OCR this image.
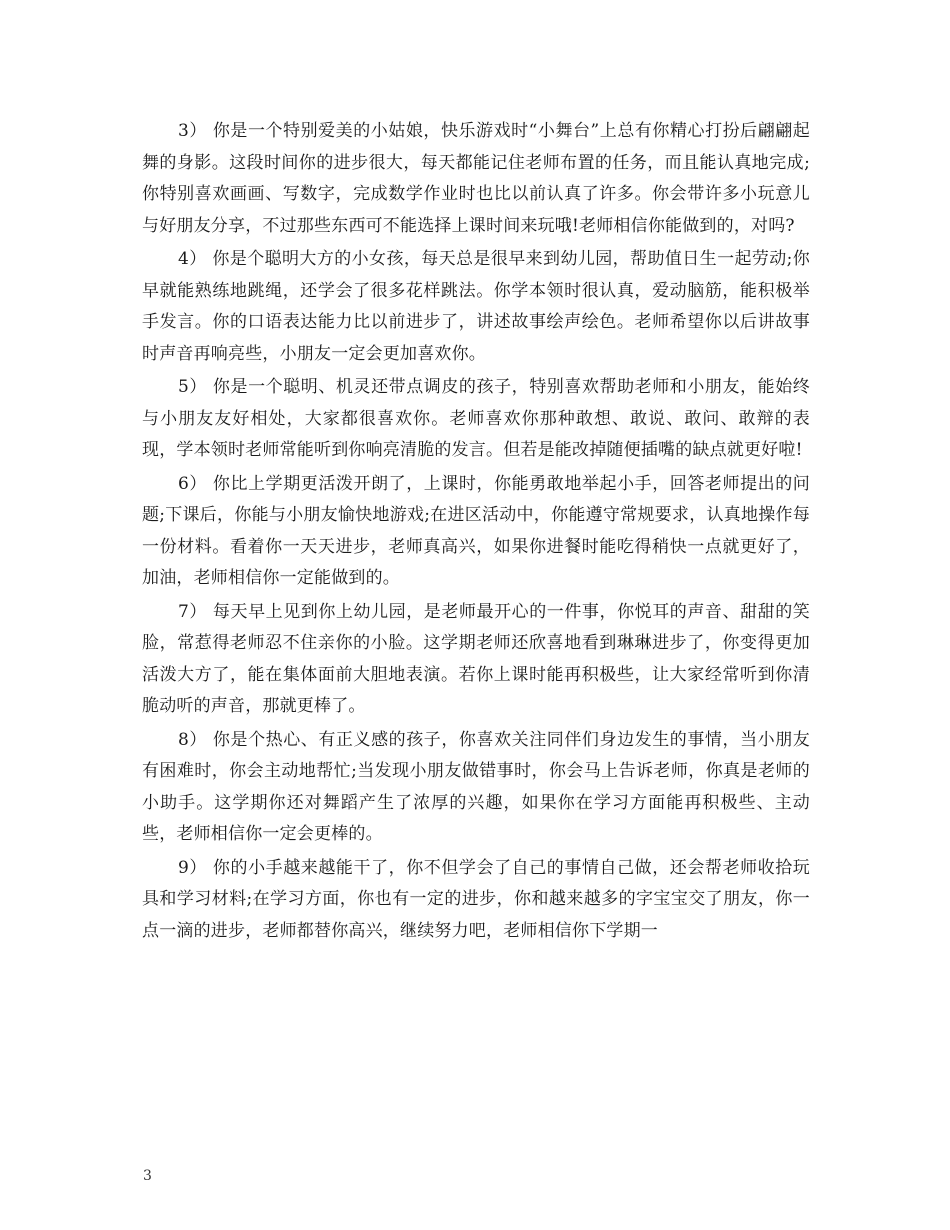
3） 你是一个特别爱美的小姑娘，快乐游戏时“小舞台”上总有你精心打扮后翩翩起舞的身影。这段时间你的进步很大，每天都能记住老师布置的任务，而且能认真地完成;你特别喜欢画画、写数字，完成数学作业时也比以前认真了许多。你会带许多小玩意儿与好朋友分享，不过那些东西可不能选择上课时间来玩哦!老师相信你能做到的，对吗?

4） 你是个聪明大方的小女孩，每天总是很早来到幼儿园，帮助值日生一起劳动;你早就能熟练地跳绳，还学会了很多花样跳法。你学本领时很认真，爱动脑筋，能积极举手发言。你的口语表达能力比以前进步了，讲述故事绘声绘色。老师希望你以后讲故事时声音再响亮些，小朋友一定会更加喜欢你。

5） 你是一个聪明、机灵还带点调皮的孩子，特别喜欢帮助老师和小朋友，能始终与小朋友友好相处，大家都很喜欢你。老师喜欢你那种敢想、敢说、敢问、敢辩的表现，学本领时老师常能听到你响亮清脆的发言。但若是能改掉随便插嘴的缺点就更好啦!

6） 你比上学期更活泼开朗了，上课时，你能勇敢地举起小手，回答老师提出的问题;下课后，你能与小朋友愉快地游戏;在进区活动中，你能遵守常规要求，认真地操作每一份材料。看着你一天天进步，老师真高兴，如果你进餐时能吃得稍快一点就更好了，加油，老师相信你一定能做到的。

7） 每天早上见到你上幼儿园，是老师最开心的一件事，你悦耳的声音、甜甜的笑脸，常惹得老师忍不住亲你的小脸。这学期老师还欣喜地看到琳琳进步了，你变得更加活泼大方了，能在集体面前大胆地表演。若你上课时能再积极些，让大家经常听到你清脆动听的声音，那就更棒了。

8） 你是个热心、有正义感的孩子，你喜欢关注同伴们身边发生的事情，当小朋友有困难时，你会主动地帮忙;当发现小朋友做错事时，你会马上告诉老师，你真是老师的小助手。这学期你还对舞蹈产生了浓厚的兴趣，如果你在学习方面能再积极些、主动些，老师相信你一定会更棒的。

9） 你的小手越来越能干了，你不但学会了自己的事情自己做，还会帮老师收拾玩具和学习材料;在学习方面，你也有一定的进步，你和越来越多的字宝宝交了朋友，你一点一滴的进步，老师都替你高兴，继续努力吧，老师相信你下学期一

3
